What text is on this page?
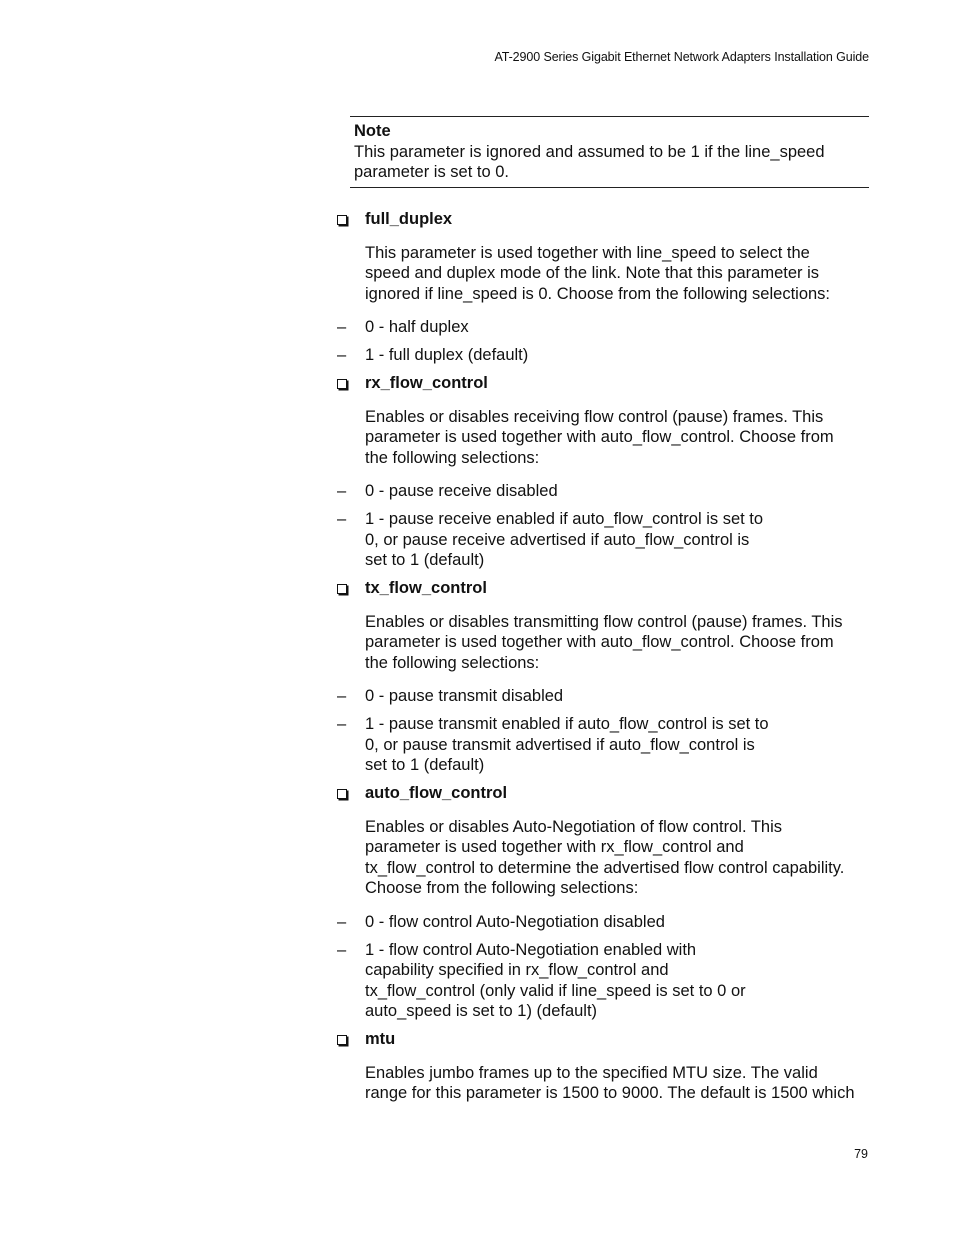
AT-2900 Series Gigabit Ethernet Network Adapters Installation Guide
Note
This parameter is ignored and assumed to be 1 if the line_speed
parameter is set to 0.
full_duplex
This parameter is used together with line_speed to select the
speed and duplex mode of the link. Note that this parameter is
ignored if line_speed is 0. Choose from the following selections:
– 0 - half duplex
– 1 - full duplex (default)
rx_flow_control
Enables or disables receiving flow control (pause) frames. This
parameter is used together with auto_flow_control. Choose from
the following selections:
– 0 - pause receive disabled
– 1 - pause receive enabled if auto_flow_control is set to
0, or pause receive advertised if auto_flow_control is
set to 1 (default)
tx_flow_control
Enables or disables transmitting flow control (pause) frames. This
parameter is used together with auto_flow_control. Choose from
the following selections:
– 0 - pause transmit disabled
– 1 - pause transmit enabled if auto_flow_control is set to
0, or pause transmit advertised if auto_flow_control is
set to 1 (default)
auto_flow_control
Enables or disables Auto-Negotiation of flow control. This
parameter is used together with rx_flow_control and
tx_flow_control to determine the advertised flow control capability.
Choose from the following selections:
– 0 - flow control Auto-Negotiation disabled
– 1 - flow control Auto-Negotiation enabled with
capability specified in rx_flow_control and
tx_flow_control (only valid if line_speed is set to 0 or
auto_speed is set to 1) (default)
mtu
Enables jumbo frames up to the specified MTU size. The valid
range for this parameter is 1500 to 9000. The default is 1500 which
79
